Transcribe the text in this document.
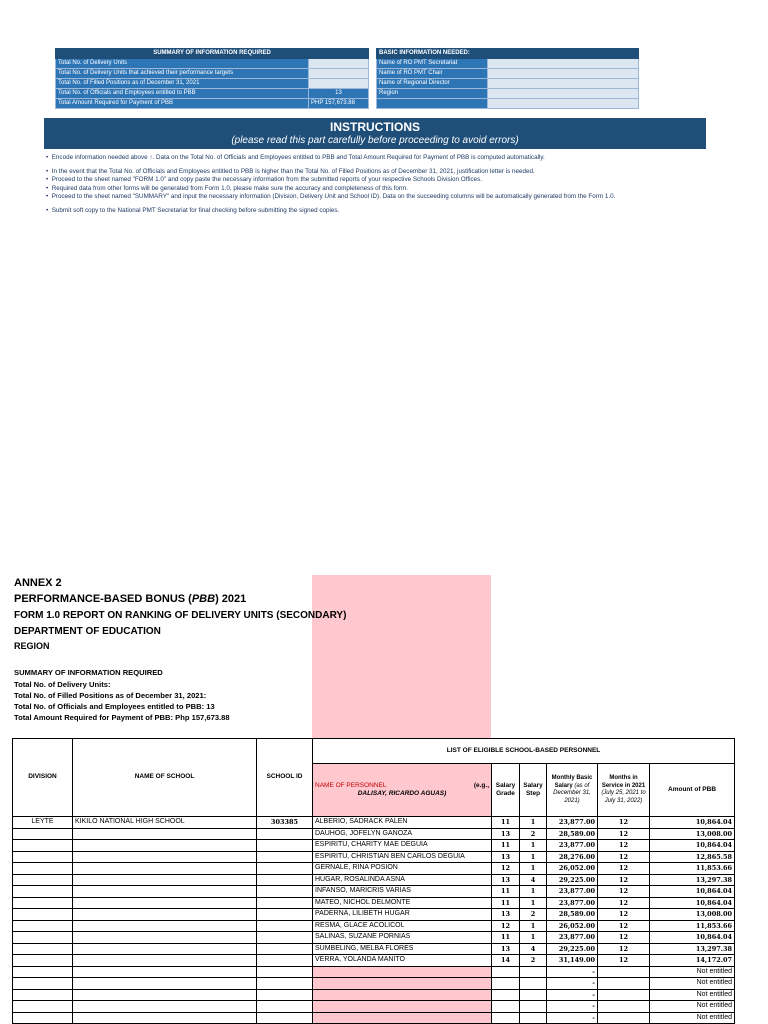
SUMMARY OF INFORMATION REQUIRED	
Total No. of Delivery Units	
Total No. of Delivery Units that achieved their performance targets	
Total No. of Filled Positions as of December 31, 2021	
Total No. of Officials and Employees entitled to PBB	13
Total Amount Required for Payment of PBB	PHP 157,673.88
BASIC INFORMATION NEEDED:	
Name of RO PMT Secretariat	
Name of RO PMT Chair	
Name of Regional Director	
Region	

INSTRUCTIONS
(please read this part carefully before proceeding to avoid errors)
•  Encode information needed above ↑. Data on the Total No. of Officials and Employees entitled to PBB and Total Amount Required for Payment of PBB is computed automatically.
•  In the event that the Total No. of Officials and Employees entitled to PBB is higher than the Total No. of Filled Positions as of December 31, 2021, justification letter is needed.
•  Proceed to the sheet named "FORM 1.0" and copy paste the necessary information from the submitted reports of your respective Schools Division Offices.
•  Required data from other forms will be generated from Form 1.0, please make sure the accuracy and completeness of this form.
•  Proceed to the sheet named "SUMMARY" and input the necessary information (Division, Delivery Unit and School ID). Data on the succeeding columns will be automatically generated from the Form 1.0.
•  Submit soft copy to the National PMT Secretariat for final checking before submitting the signed copies.
ANNEX 2
PERFORMANCE-BASED BONUS (PBB) 2021
FORM 1.0 REPORT ON RANKING OF DELIVERY UNITS (SECONDARY)
DEPARTMENT OF EDUCATION
REGION
SUMMARY OF INFORMATION REQUIRED
Total No. of Delivery Units:
Total No. of Filled Positions as of December 31, 2021:
Total No. of Officials and Employees entitled to PBB: 13
Total Amount Required for Payment of PBB: Php 157,673.88
DIVISION	NAME OF SCHOOL	SCHOOL ID	LIST OF ELIGIBLE SCHOOL-BASED PERSONNEL					

			NAME OF PERSONNEL (e.g.,
DALISAY, RICARDO AGUAS)	Salary Grade	Salary Step	Monthly Basic Salary (as of December 31, 2021)	Months in Service in 2021 (July 25, 2021 to July 31, 2022)	Amount of PBB
LEYTE	KIKILO NATIONAL HIGH SCHOOL	303385	ALBERIO, SADRACK PALEN	11	1	23,877.00	12	10,864.04
			DAUHOG, JOFELYN GANOZA	13	2	28,589.00	12	13,008.00
			ESPIRITU, CHARITY MAE DEGUIA	11	1	23,877.00	12	10,864.04
			ESPIRITU, CHRISTIAN BEN CARLOS DEGUIA	13	1	28,276.00	12	12,865.58
			GERNALE, RINA POSION	12	1	26,052.00	12	11,853.66
			HUGAR, ROSALINDA ASNA	13	4	29,225.00	12	13,297.38
			INFANSO, MARICRIS VARIAS	11	1	23,877.00	12	10,864.04
			MATEO, NICHOL DELMONTE	11	1	23,877.00	12	10,864.04
			PADERNA, LILIBETH HUGAR	13	2	28,589.00	12	13,008.00
			RESMA, GLACE ACOLICOL	12	1	26,052.00	12	11,853.66
			SALINAS, SUZANE PORNIAS	11	1	23,877.00	12	10,864.04
			SUMBELING, MELBA FLORES	13	4	29,225.00	12	13,297.38
			VERRA, YOLANDA MANITO	14	2	31,149.00	12	14,172.07
						-		Not entitled
						-		Not entitled
						-		Not entitled
						-		Not entitled
						-		Not entitled
